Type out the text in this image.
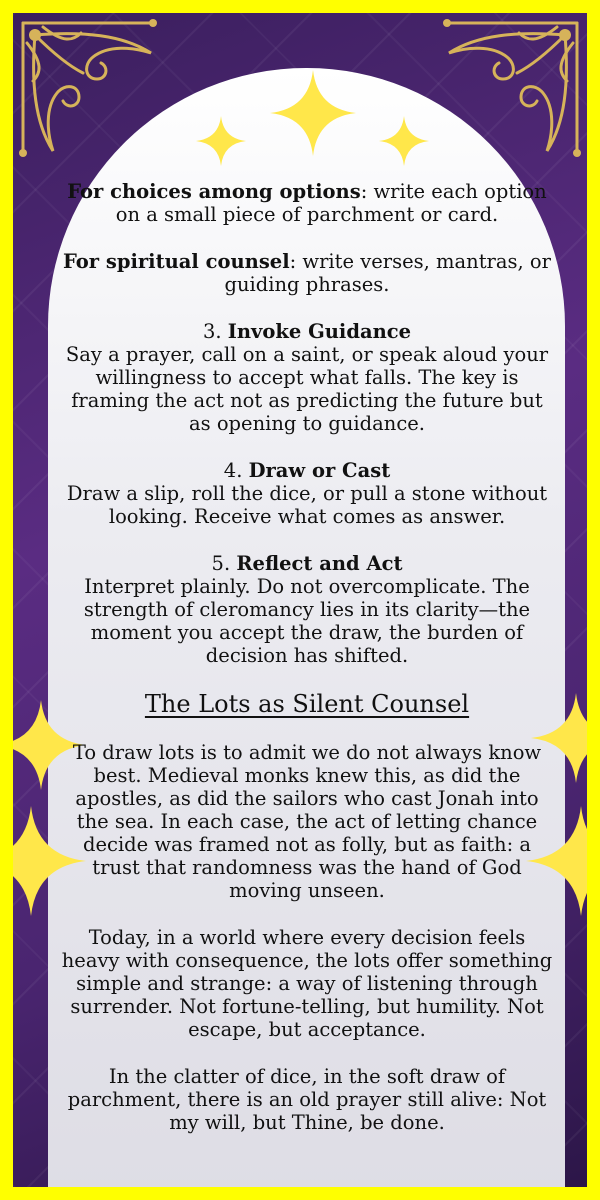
For choices among options: write each option on a small piece of parchment or card.

For spiritual counsel: write verses, mantras, or guiding phrases.

3. Invoke Guidance

Say a prayer, call on a saint, or speak aloud your willingness to accept what falls. The key is framing the act not as predicting the future but as opening to guidance.

4. Draw or Cast

Draw a slip, roll the dice, or pull a stone without looking. Receive what comes as answer.

5. Reflect and Act

Interpret plainly. Do not overcomplicate. The strength of cleromancy lies in its clarity—the moment you accept the draw, the burden of decision has shifted.

The Lots as Silent Counsel

To draw lots is to admit we do not always know best. Medieval monks knew this, as did the apostles, as did the sailors who cast Jonah into the sea. In each case, the act of letting chance decide was framed not as folly, but as faith: a trust that randomness was the hand of God moving unseen.

Today, in a world where every decision feels heavy with consequence, the lots offer something simple and strange: a way of listening through surrender. Not fortune-telling, but humility. Not escape, but acceptance.

In the clatter of dice, in the soft draw of parchment, there is an old prayer still alive: Not my will, but Thine, be done.
